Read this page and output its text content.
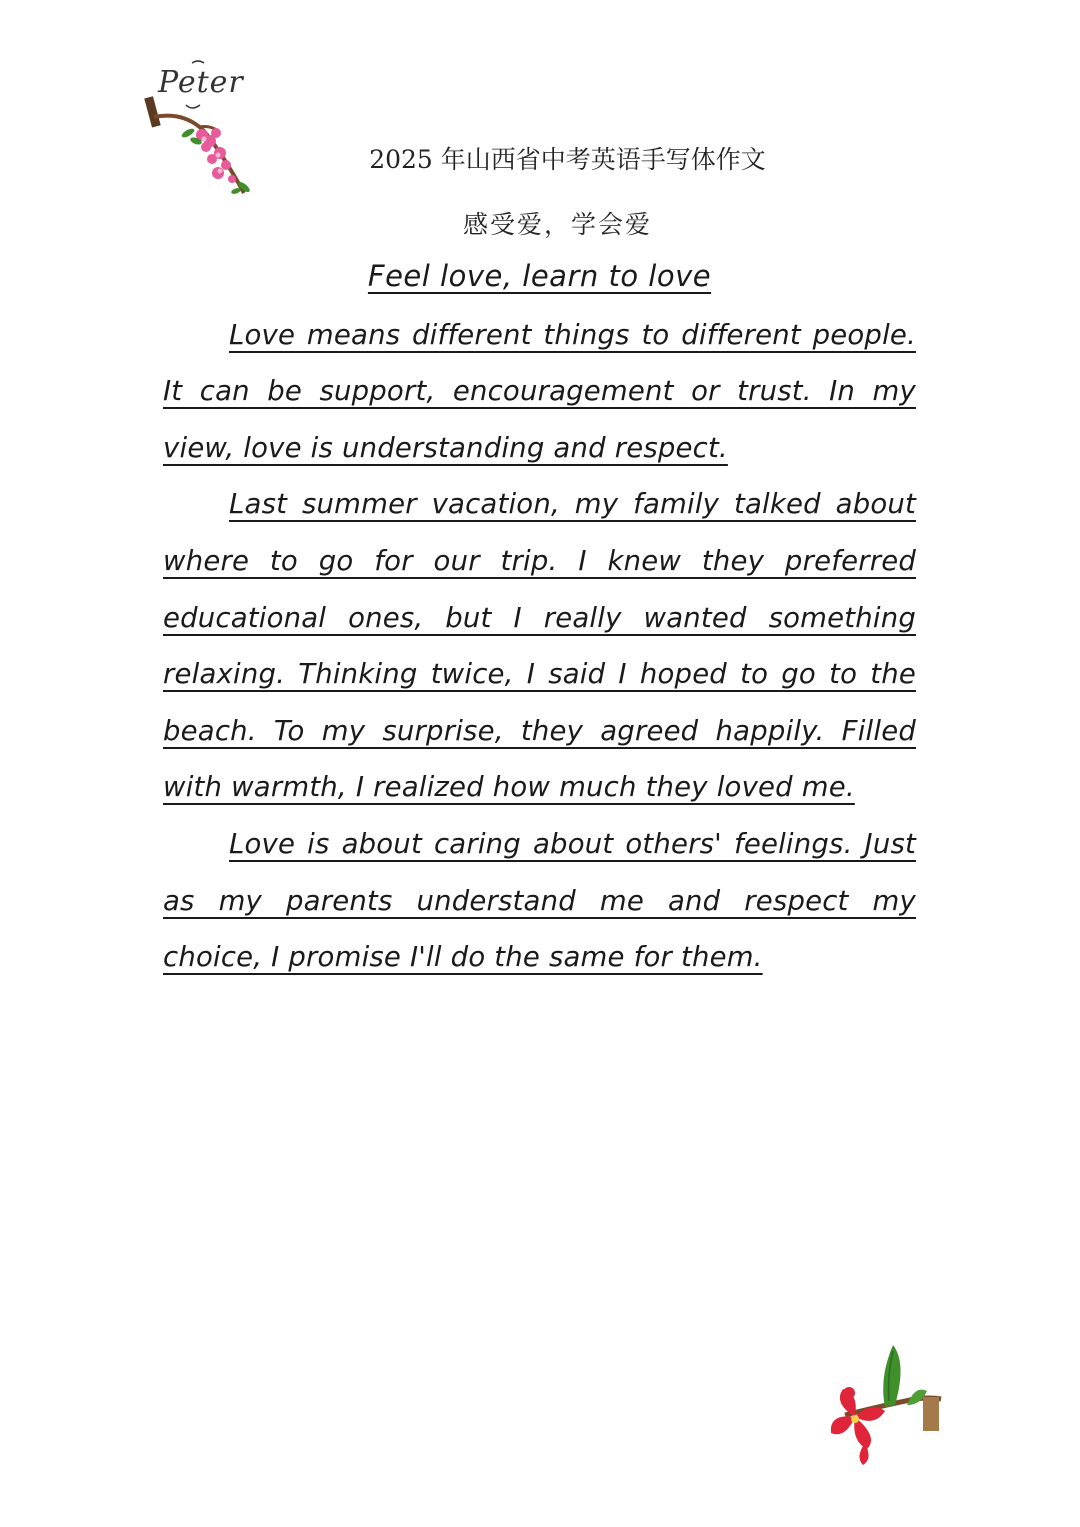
Peter
2025 年山西省中考英语手写体作文
感受爱，学会爱
Feel love, learn to love

Love means different things to different people. It can be support, encouragement or trust. In my view, love is understanding and respect.

Last summer vacation, my family talked about where to go for our trip. I knew they preferred educational ones, but I really wanted something relaxing. Thinking twice, I said I hoped to go to the beach. To my surprise, they agreed happily. Filled with warmth, I realized how much they loved me.

Love is about caring about others' feelings. Just as my parents understand me and respect my choice, I promise I'll do the same for them.
